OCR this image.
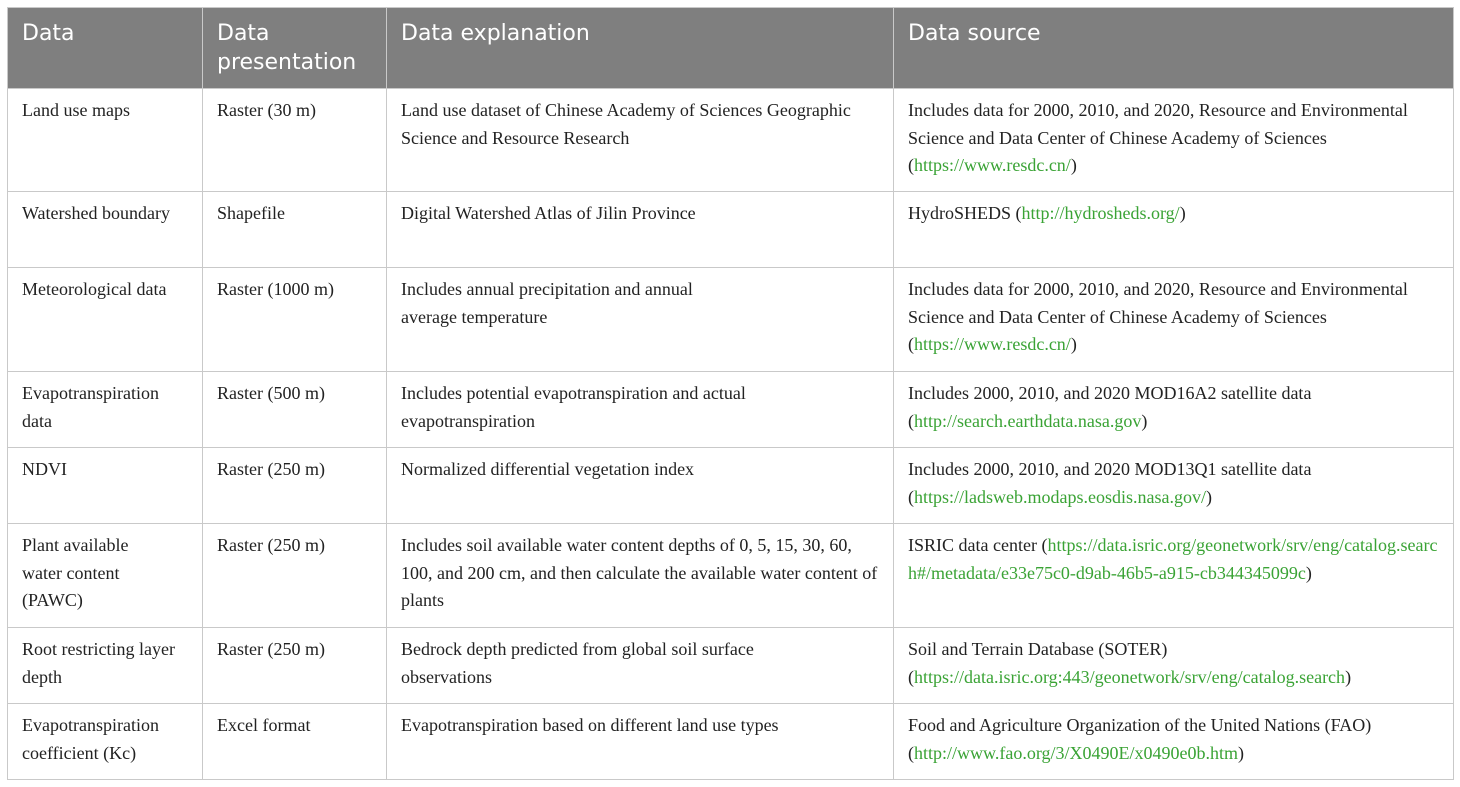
Data	Data presentation	Data explanation	Data source
Land use maps	Raster (30 m)	Land use dataset of Chinese Academy of Sciences Geographic Science and Resource Research	Includes data for 2000, 2010, and 2020, Resource and Environmental Science and Data Center of Chinese Academy of Sciences (https://www.resdc.cn/)
Watershed boundary	Shapefile	Digital Watershed Atlas of Jilin Province	HydroSHEDS (http://hydrosheds.org/)
Meteorological data	Raster (1000 m)	Includes annual precipitation and annual average temperature	Includes data for 2000, 2010, and 2020, Resource and Environmental Science and Data Center of Chinese Academy of Sciences (https://www.resdc.cn/)
Evapotranspiration data	Raster (500 m)	Includes potential evapotranspiration and actual evapotranspiration	Includes 2000, 2010, and 2020 MOD16A2 satellite data (http://search.earthdata.nasa.gov)
NDVI	Raster (250 m)	Normalized differential vegetation index	Includes 2000, 2010, and 2020 MOD13Q1 satellite data (https://ladsweb.modaps.eosdis.nasa.gov/)
Plant available water content (PAWC)	Raster (250 m)	Includes soil available water content depths of 0, 5, 15, 30, 60, 100, and 200 cm, and then calculate the available water content of plants	ISRIC data center (https://data.isric.org/geonetwork/srv/eng/catalog.search#/metadata/e33e75c0-d9ab-46b5-a915-cb344345099c)
Root restricting layer depth	Raster (250 m)	Bedrock depth predicted from global soil surface observations	Soil and Terrain Database (SOTER) (https://data.isric.org:443/geonetwork/srv/eng/catalog.search)
Evapotranspiration coefficient (Kc)	Excel format	Evapotranspiration based on different land use types	Food and Agriculture Organization of the United Nations (FAO) (http://www.fao.org/3/X0490E/x0490e0b.htm)
